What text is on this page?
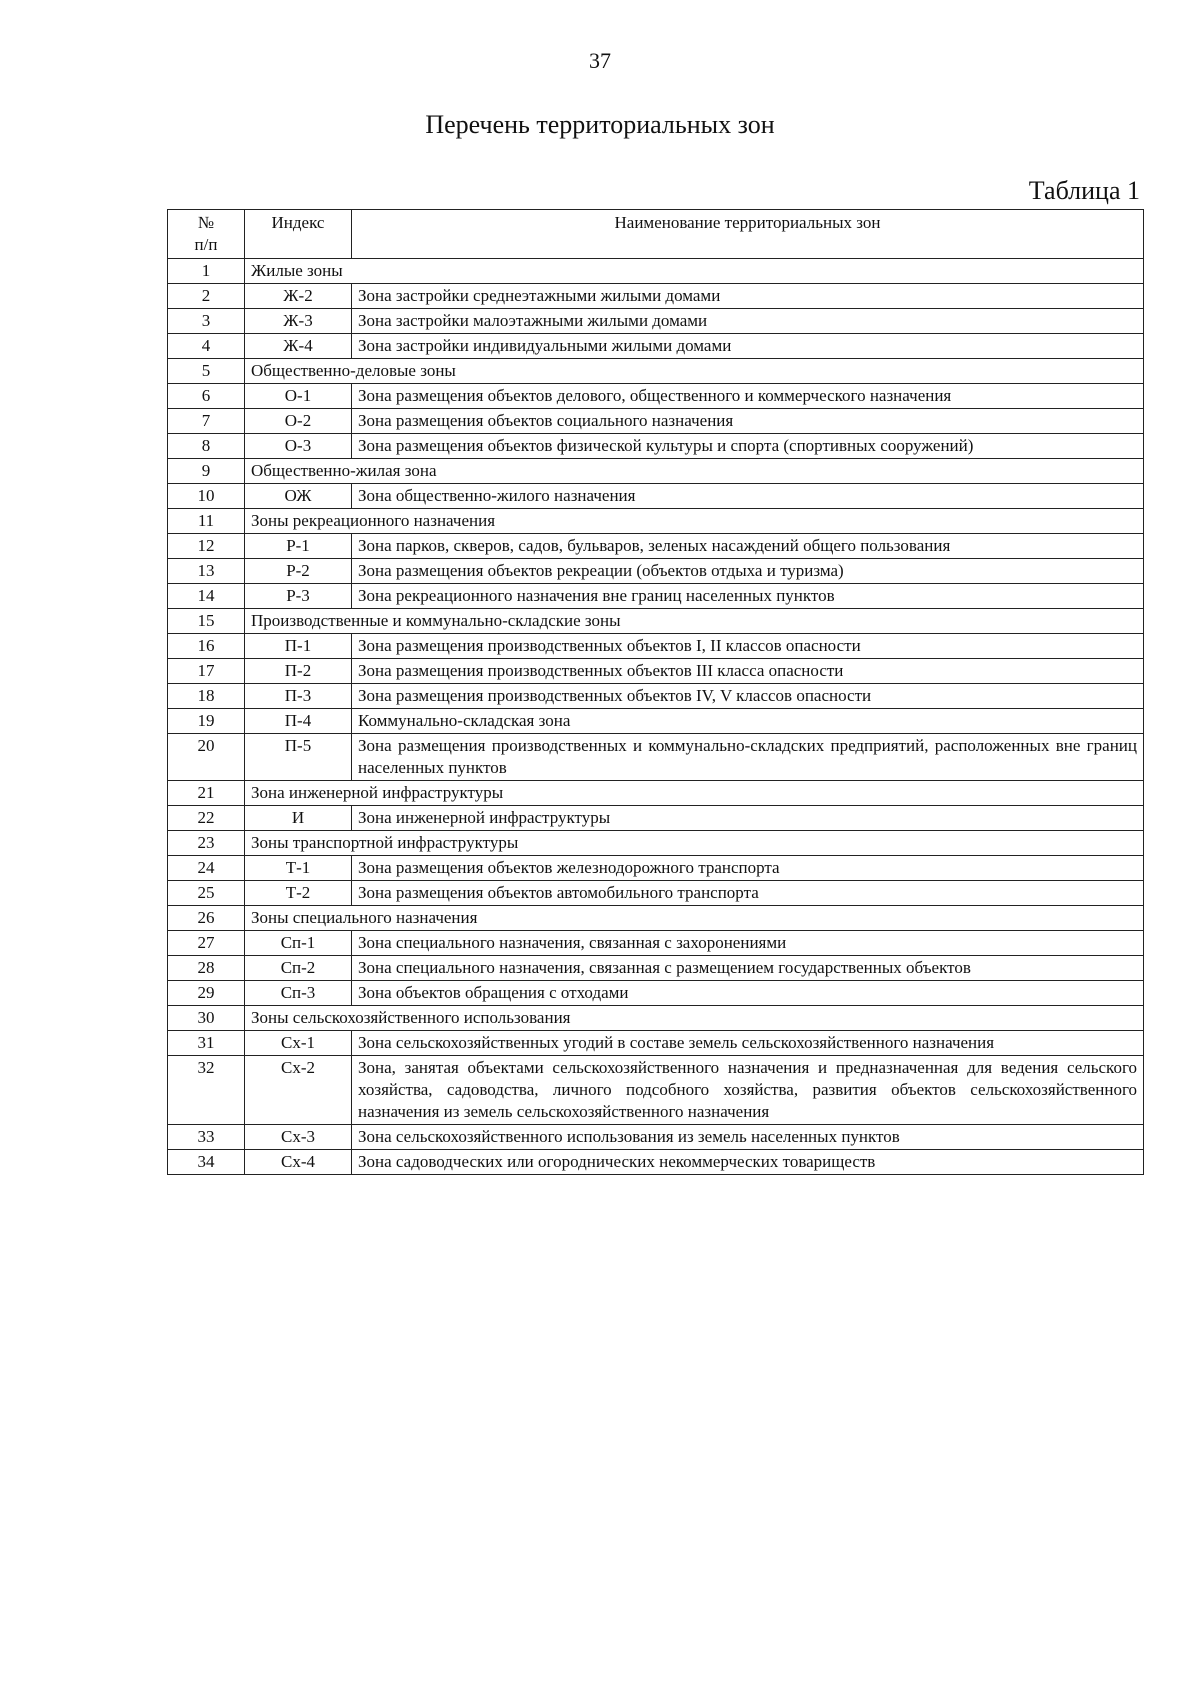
37
Перечень территориальных зон
Таблица 1
№
п/п	Индекс	Наименование территориальных зон
1	Жилые зоны	
2	Ж-2	Зона застройки среднеэтажными жилыми домами
3	Ж-3	Зона застройки малоэтажными жилыми домами
4	Ж-4	Зона застройки индивидуальными жилыми домами
5	Общественно-деловые зоны	
6	О-1	Зона размещения объектов делового, общественного и коммерческого назначения
7	О-2	Зона размещения объектов социального назначения
8	О-3	Зона размещения объектов физической культуры и спорта (спортивных сооружений)
9	Общественно-жилая зона	
10	ОЖ	Зона общественно-жилого назначения
11	Зоны рекреационного назначения	
12	Р-1	Зона парков, скверов, садов, бульваров, зеленых насаждений общего пользования
13	Р-2	Зона размещения объектов рекреации (объектов отдыха и туризма)
14	Р-3	Зона рекреационного назначения вне границ населенных пунктов
15	Производственные и коммунально-складские зоны	
16	П-1	Зона размещения производственных объектов I, II классов опасности
17	П-2	Зона размещения производственных объектов III класса опасности
18	П-3	Зона размещения производственных объектов IV, V классов опасности
19	П-4	Коммунально-складская зона
20	П-5	Зона размещения производственных и коммунально-складских предприятий, расположенных вне границ населенных пунктов
21	Зона инженерной инфраструктуры	
22	И	Зона инженерной инфраструктуры
23	Зоны транспортной инфраструктуры	
24	Т-1	Зона размещения объектов железнодорожного транспорта
25	Т-2	Зона размещения объектов автомобильного транспорта
26	Зоны специального назначения	
27	Сп-1	Зона специального назначения, связанная с захоронениями
28	Сп-2	Зона специального назначения, связанная с размещением государственных объектов
29	Сп-3	Зона объектов обращения с отходами
30	Зоны сельскохозяйственного использования	
31	Сх-1	Зона сельскохозяйственных угодий в составе земель сельскохозяйственного назначения
32	Сх-2	Зона, занятая объектами сельскохозяйственного назначения и предназначенная для ведения сельского хозяйства, садоводства, личного подсобного хозяйства, развития объектов сельскохозяйственного назначения из земель сельскохозяйственного назначения
33	Сх-3	Зона сельскохозяйственного использования из земель населенных пунктов
34	Сх-4	Зона садоводческих или огороднических некоммерческих товариществ
